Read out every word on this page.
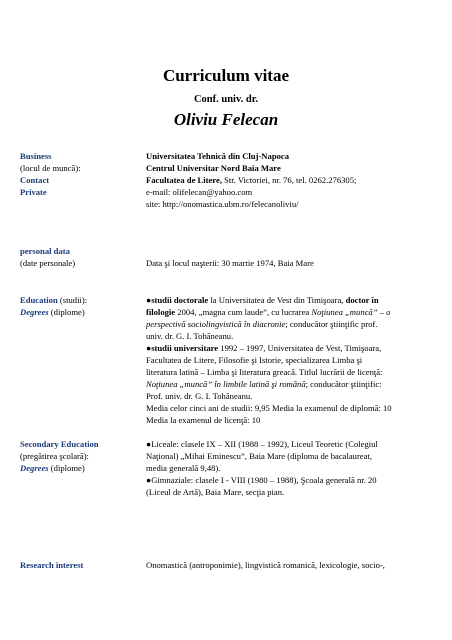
Curriculum vitae
Conf. univ. dr.
Oliviu Felecan
Business
(locul de muncă):
Contact
Private
Universitatea Tehnică din Cluj-Napoca
Centrul Universitar Nord Baia Mare
Facultatea de Litere, Str. Victoriei, nr. 76, tel. 0262.276305;
e-mail: olifelecan@yahoo.com
site: http://onomastica.ubm.ro/felecanoliviu/
personal data
(date personale)	Data şi locul naşterii: 30 martie 1974, Baia Mare
Education (studii):
Degrees (diplome)
●studii doctorale la Universitatea de Vest din Timişoara, doctor în
filologie 2004, „magna cum laude”, cu lucrarea Noţiunea „muncă” – o
perspectivă sociolingvistică în diacronie; conducător ştiinţific prof.
univ. dr. G. I. Tohăneanu.
●studii universitare 1992 – 1997, Universitatea de Vest, Timişoara,
Facultatea de Litere, Filosofie şi Istorie, specializarea Limba şi
literatura latină – Limba şi literatura greacă. Titlul lucrării de licenţă:
Noţiunea „muncă” în limbile latină şi română; conducător ştiinţific:
Prof. univ. dr. G. I. Tohăneanu.
Media celor cinci ani de studii: 9,95 Media la examenul de diplomă: 10
Media la examenul de licenţă: 10
Secondary Education
(pregătirea şcolară):
Degrees (diplome)
●Liceale: clasele IX – XII (1988 – 1992), Liceul Teoretic (Colegiul
Naţional) „Mihai Eminescu”, Baia Mare (diploma de bacalaureat,
media generală 9,48).
●Gimnaziale: clasele I - VIII (1980 – 1988), Şcoala generală nr. 20
(Liceul de Artă), Baia Mare, secţia pian.
Research interest	Onomastică (antroponimie), lingvistică romanică, lexicologie, socio-,
